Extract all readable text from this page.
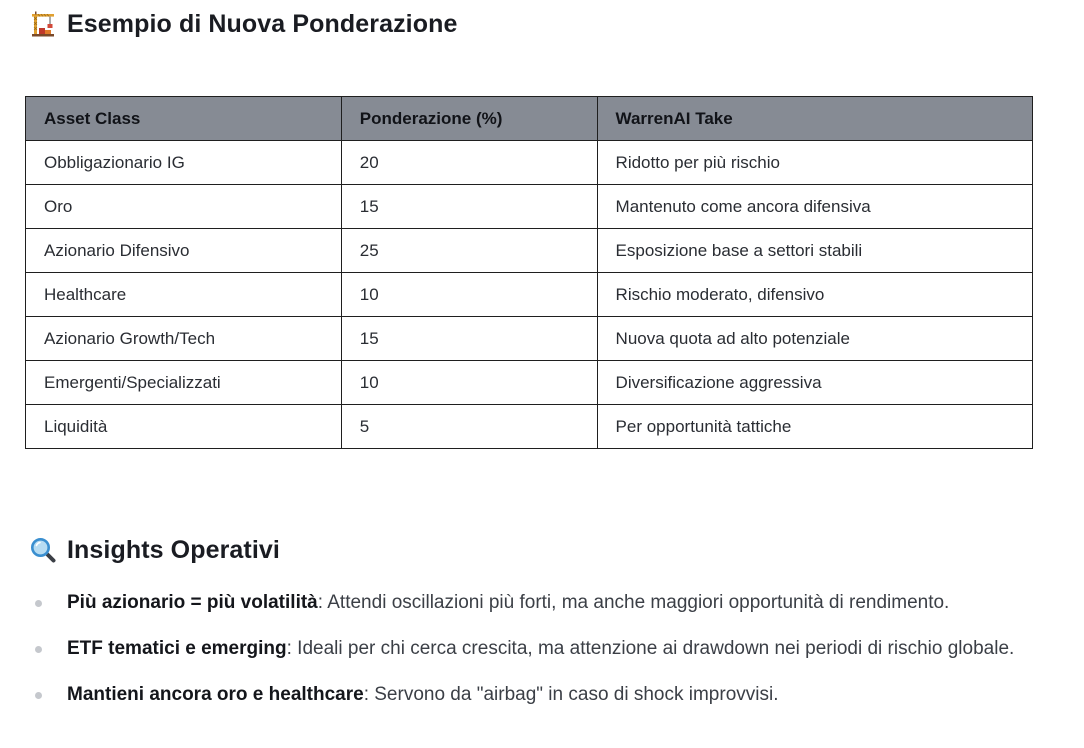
Esempio di Nuova Ponderazione
Asset Class	Ponderazione (%)	WarrenAI Take
Obbligazionario IG	20	Ridotto per più rischio
Oro	15	Mantenuto come ancora difensiva
Azionario Difensivo	25	Esposizione base a settori stabili
Healthcare	10	Rischio moderato, difensivo
Azionario Growth/Tech	15	Nuova quota ad alto potenziale
Emergenti/Specializzati	10	Diversificazione aggressiva
Liquidità	5	Per opportunità tattiche
Insights Operativi
Più azionario = più volatilità: Attendi oscillazioni più forti, ma anche maggiori opportunità di rendimento.
ETF tematici e emerging: Ideali per chi cerca crescita, ma attenzione ai drawdown nei periodi di rischio globale.
Mantieni ancora oro e healthcare: Servono da "airbag" in caso di shock improvvisi.
